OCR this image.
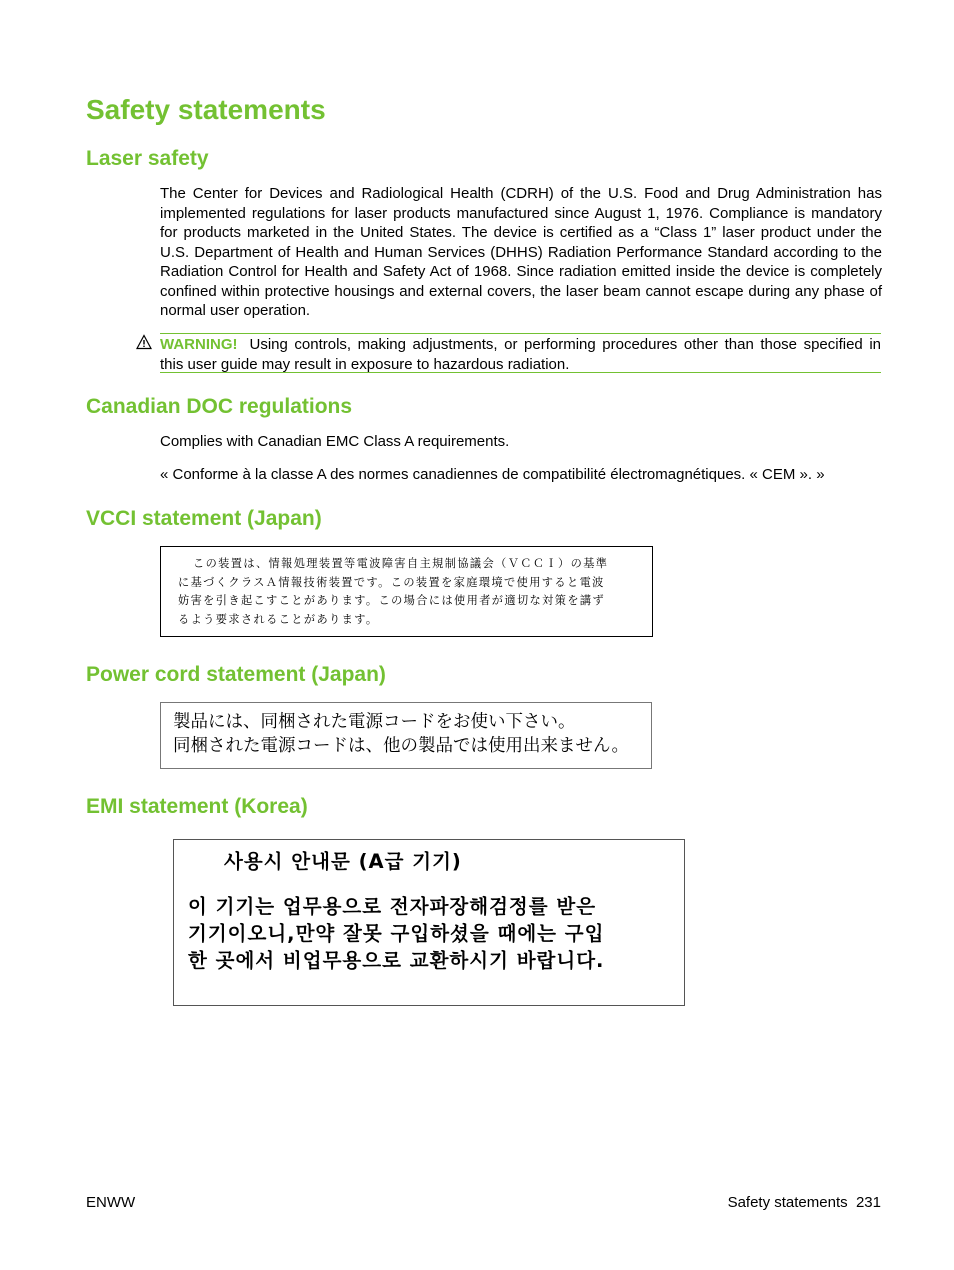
Safety statements
Laser safety

The Center for Devices and Radiological Health (CDRH) of the U.S. Food and Drug Administration has implemented regulations for laser products manufactured since August 1, 1976. Compliance is mandatory for products marketed in the United States. The device is certified as a “Class 1” laser product under the U.S. Department of Health and Human Services (DHHS) Radiation Performance Standard according to the Radiation Control for Health and Safety Act of 1968. Since radiation emitted inside the device is completely confined within protective housings and external covers, the laser beam cannot escape during any phase of normal user operation.

WARNING! Using controls, making adjustments, or performing procedures other than those specified in this user guide may result in exposure to hazardous radiation.
Canadian DOC regulations

Complies with Canadian EMC Class A requirements.

« Conforme à la classe A des normes canadiennes de compatibilité électromagnétiques. « CEM ». »

VCCI statement (Japan)
この装置は、情報処理装置等電波障害自主規制協議会（ＶＣＣＩ）の基準
に基づくクラスＡ情報技術装置です。この装置を家庭環境で使用すると電波
妨害を引き起こすことがあります。この場合には使用者が適切な対策を講ず
るよう要求されることがあります。
Power cord statement (Japan)
製品には、同梱された電源コードをお使い下さい。
同梱された電源コードは、他の製品では使用出来ません。
EMI statement (Korea)
사용시 안내문 (A급 기기)
이 기기는 업무용으로 전자파장해검정를 받은
기기이오니,만약 잘못 구입하셨을 때에는 구입
한 곳에서 비업무용으로 교환하시기 바랍니다.
ENWW	Safety statements 231
